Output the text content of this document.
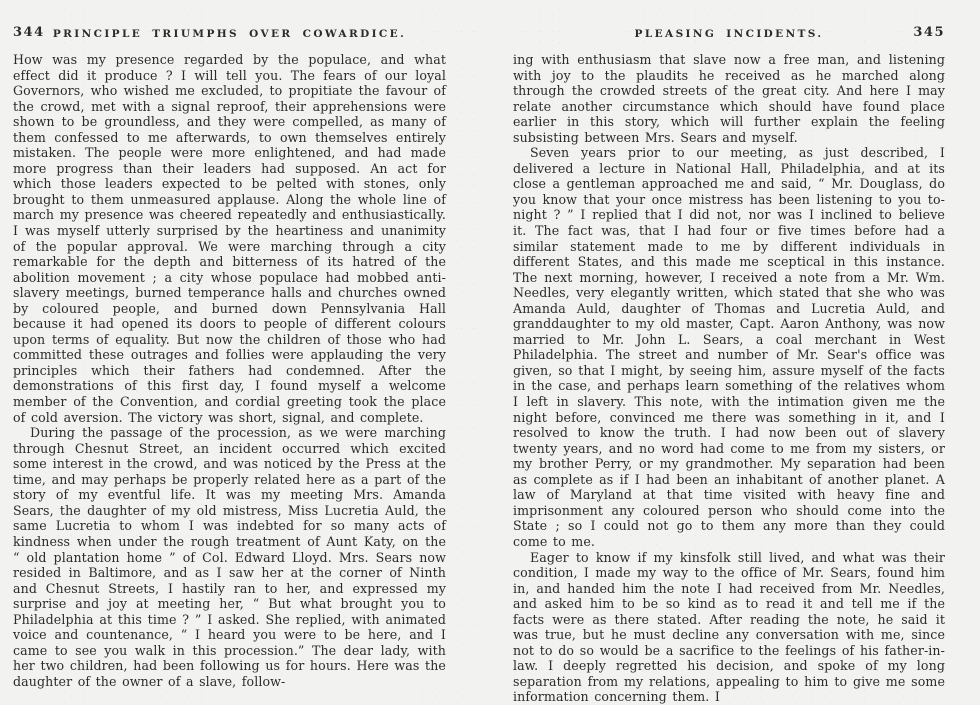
344 PRINCIPLE TRIUMPHS OVER COWARDICE.

How was my presence regarded by the populace, and what effect did it produce ? I will tell you. The fears of our loyal Governors, who wished me excluded, to propitiate the favour of the crowd, met with a signal reproof, their apprehensions were shown to be groundless, and they were compelled, as many of them confessed to me afterwards, to own themselves entirely mistaken. The people were more enlightened, and had made more progress than their leaders had supposed. An act for which those leaders expected to be pelted with stones, only brought to them unmeasured applause. Along the whole line of march my presence was cheered repeatedly and enthusiastically. I was myself utterly surprised by the heartiness and unanimity of the popular approval. We were marching through a city remarkable for the depth and bitterness of its hatred of the abolition movement ; a city whose populace had mobbed anti-slavery meetings, burned temperance halls and churches owned by coloured people, and burned down Pennsylvania Hall because it had opened its doors to people of different colours upon terms of equality. But now the children of those who had committed these outrages and follies were applauding the very principles which their fathers had condemned. After the demonstrations of this first day, I found myself a welcome member of the Convention, and cordial greeting took the place of cold aversion. The victory was short, signal, and complete.

During the passage of the procession, as we were marching through Chesnut Street, an incident occurred which excited some interest in the crowd, and was noticed by the Press at the time, and may perhaps be properly related here as a part of the story of my eventful life. It was my meeting Mrs. Amanda Sears, the daughter of my old mistress, Miss Lucretia Auld, the same Lucretia to whom I was indebted for so many acts of kindness when under the rough treatment of Aunt Katy, on the “ old plantation home ” of Col. Edward Lloyd. Mrs. Sears now resided in Baltimore, and as I saw her at the corner of Ninth and Chesnut Streets, I hastily ran to her, and expressed my surprise and joy at meeting her, “ But what brought you to Philadelphia at this time ? ” I asked. She replied, with animated voice and countenance, “ I heard you were to be here, and I came to see you walk in this procession.” The dear lady, with her two children, had been following us for hours. Here was the daughter of the owner of a slave, follow-

PLEASING INCIDENTS.	345

ing with enthusiasm that slave now a free man, and listening with joy to the plaudits he received as he marched along through the crowded streets of the great city. And here I may relate another circumstance which should have found place earlier in this story, which will further explain the feeling subsisting between Mrs. Sears and myself.

Seven years prior to our meeting, as just described, I delivered a lecture in National Hall, Philadelphia, and at its close a gentleman approached me and said, “ Mr. Douglass, do you know that your once mistress has been listening to you to-night ? ” I replied that I did not, nor was I inclined to believe it. The fact was, that I had four or five times before had a similar statement made to me by different individuals in different States, and this made me sceptical in this instance. The next morning, however, I received a note from a Mr. Wm. Needles, very elegantly written, which stated that she who was Amanda Auld, daughter of Thomas and Lucretia Auld, and granddaughter to my old master, Capt. Aaron Anthony, was now married to Mr. John L. Sears, a coal merchant in West Philadelphia. The street and number of Mr. Sear's office was given, so that I might, by seeing him, assure myself of the facts in the case, and perhaps learn something of the relatives whom I left in slavery. This note, with the intimation given me the night before, convinced me there was something in it, and I resolved to know the truth. I had now been out of slavery twenty years, and no word had come to me from my sisters, or my brother Perry, or my grandmother. My separation had been as complete as if I had been an inhabitant of another planet. A law of Maryland at that time visited with heavy fine and imprisonment any coloured person who should come into the State ; so I could not go to them any more than they could come to me.

Eager to know if my kinsfolk still lived, and what was their condition, I made my way to the office of Mr. Sears, found him in, and handed him the note I had received from Mr. Needles, and asked him to be so kind as to read it and tell me if the facts were as there stated. After reading the note, he said it was true, but he must decline any conversation with me, since not to do so would be a sacrifice to the feelings of his father-in-law. I deeply regretted his decision, and spoke of my long separation from my relations, appealing to him to give me some information concerning them. I
